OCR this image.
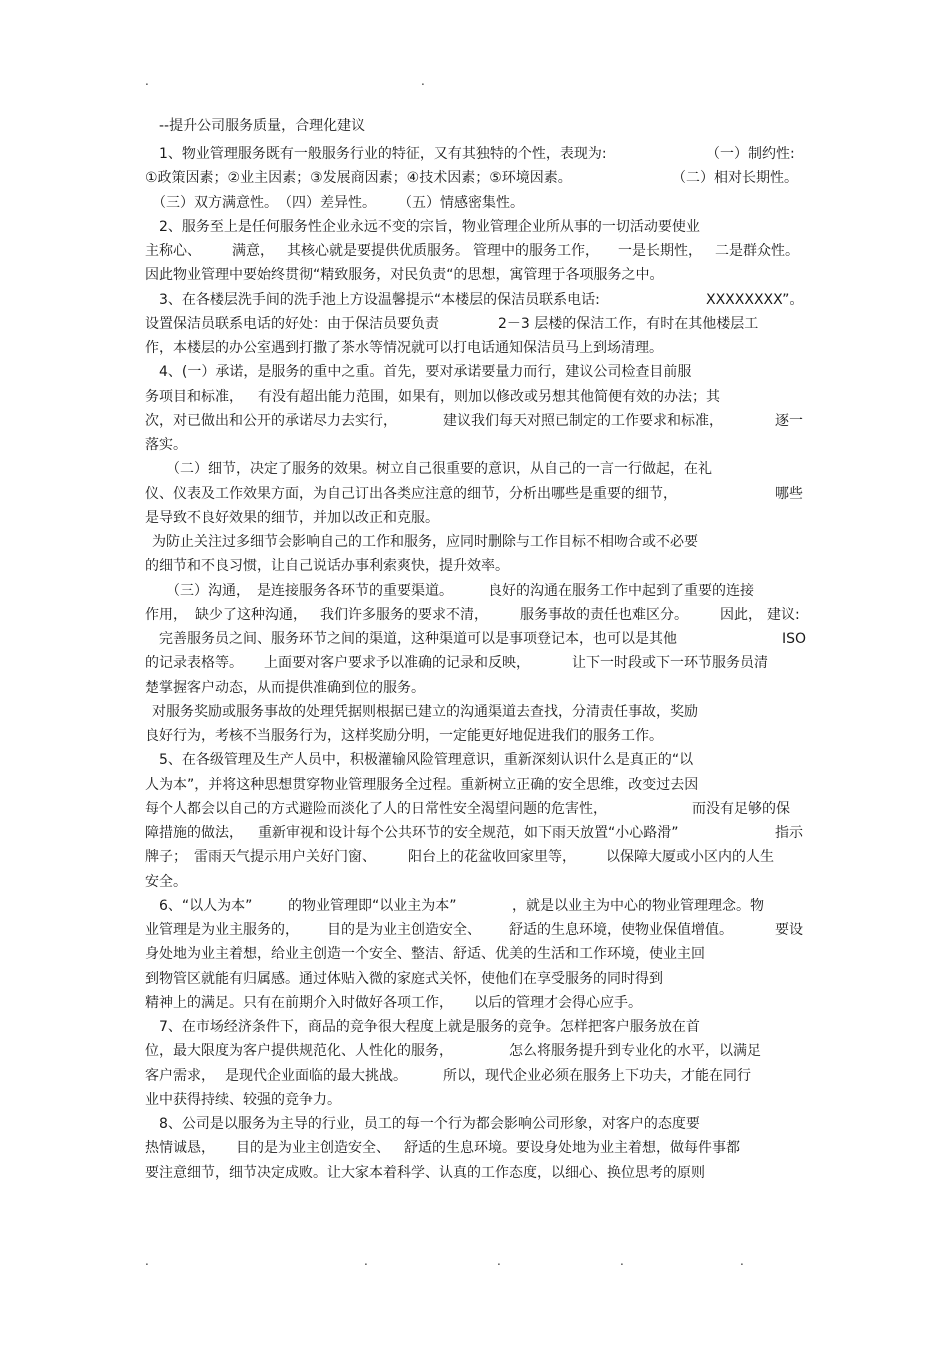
.	.
--提升公司服务质量，合理化建议
1、物业管理服务既有一般服务行业的特征，又有其独特的个性，表现为:	（一）制约性:
①政策因素；②业主因素；③发展商因素；④技术因素；⑤环境因素。	（二）相对长期性。
（三）双方满意性。 （四）差异性。 （五）情感密集性。
2、服务至上是任何服务性企业永远不变的宗旨，物业管理企业所从事的一切活动要使业
主称心、 满意， 其核心就是要提供优质服务。 管理中的服务工作， 一是长期性， 二是群众性。
因此物业管理中要始终贯彻“精致服务，对民负责“的思想，寓管理于各项服务之中。
3、在各楼层洗手间的洗手池上方设温馨提示“本楼层的保洁员联系电话:	XXXXXXXX”。
设置保洁员联系电话的好处：由于保洁员要负责	2－3 层楼的保洁工作，有时在其他楼层工
作，本楼层的办公室遇到打撒了茶水等情况就可以打电话通知保洁员马上到场清理。
4、(一）承诺，是服务的重中之重。首先，要对承诺要量力而行，建议公司检查目前服
务项目和标准， 有没有超出能力范围，如果有，则加以修改或另想其他简便有效的办法；其
次，对已做出和公开的承诺尽力去实行，	建议我们每天对照已制定的工作要求和标准，	逐一
落实。
（二）细节，决定了服务的效果。树立自己很重要的意识，从自己的一言一行做起，在礼
仪、仪表及工作效果方面，为自己订出各类应注意的细节，分析出哪些是重要的细节，	哪些
是导致不良好效果的细节，并加以改正和克服。
为防止关注过多细节会影响自己的工作和服务，应同时删除与工作目标不相吻合或不必要
的细节和不良习惯，让自己说话办事利索爽快，提升效率。
（三） 沟通， 是连接服务各环节的重要渠道。	良好的沟通在服务工作中起到了重要的连接
作用， 缺少了这种沟通， 我们许多服务的要求不清， 服务事故的责任也难区分。 因此， 建议:
完善服务员之间、服务环节之间的渠道，这种渠道可以是事项登记本，也可以是其他	ISO
的记录表格等。 上面要对客户要求予以准确的记录和反映，	让下一时段或下一环节服务员清
楚掌握客户动态，从而提供准确到位的服务。
对服务奖励或服务事故的处理凭据则根据已建立的沟通渠道去查找，分清责任事故，奖励
良好行为，考核不当服务行为，这样奖励分明，一定能更好地促进我们的服务工作。
5、在各级管理及生产人员中，积极灌输风险管理意识，重新深刻认识什么是真正的“以
人为本”，并将这种思想贯穿物业管理服务全过程。重新树立正确的安全思维，改变过去因
每个人都会以自己的方式避险而淡化了人的日常性安全渴望问题的危害性，	而没有足够的保
障措施的做法， 重新审视和设计每个公共环节的安全规范，如下雨天放置“小心路滑”	指示
牌子； 雷雨天气提示用户关好门窗、 阳台上的花盆收回家里等， 以保障大厦或小区内的人生
安全。
6、“以人为本”	的物业管理即“以业主为本”	，就是以业主为中心的物业管理理念。物
业管理是为业主服务的， 目的是为业主创造安全、 舒适的生息环境，使物业保值增值。	要设
身处地为业主着想，给业主创造一个安全、整洁、舒适、优美的生活和工作环境，使业主回
到物管区就能有归属感。通过体贴入微的家庭式关怀，使他们在享受服务的同时得到
精神上的满足。只有在前期介入时做好各项工作， 以后的管理才会得心应手。
7、在市场经济条件下，商品的竞争很大程度上就是服务的竞争。怎样把客户服务放在首
位，最大限度为客户提供规范化、人性化的服务，	怎么将服务提升到专业化的水平，以满足
客户需求， 是现代企业面临的最大挑战。	所以，现代企业必须在服务上下功夫，才能在同行
业中获得持续、较强的竞争力。
8、公司是以服务为主导的行业，员工的每一个行为都会影响公司形象，对客户的态度要
热情诚恳， 目的是为业主创造安全、 舒适的生息环境。要设身处地为业主着想，做每件事都
要注意细节，细节决定成败。让大家本着科学、认真的工作态度，以细心、换位思考的原则
.	.	.	.	.
